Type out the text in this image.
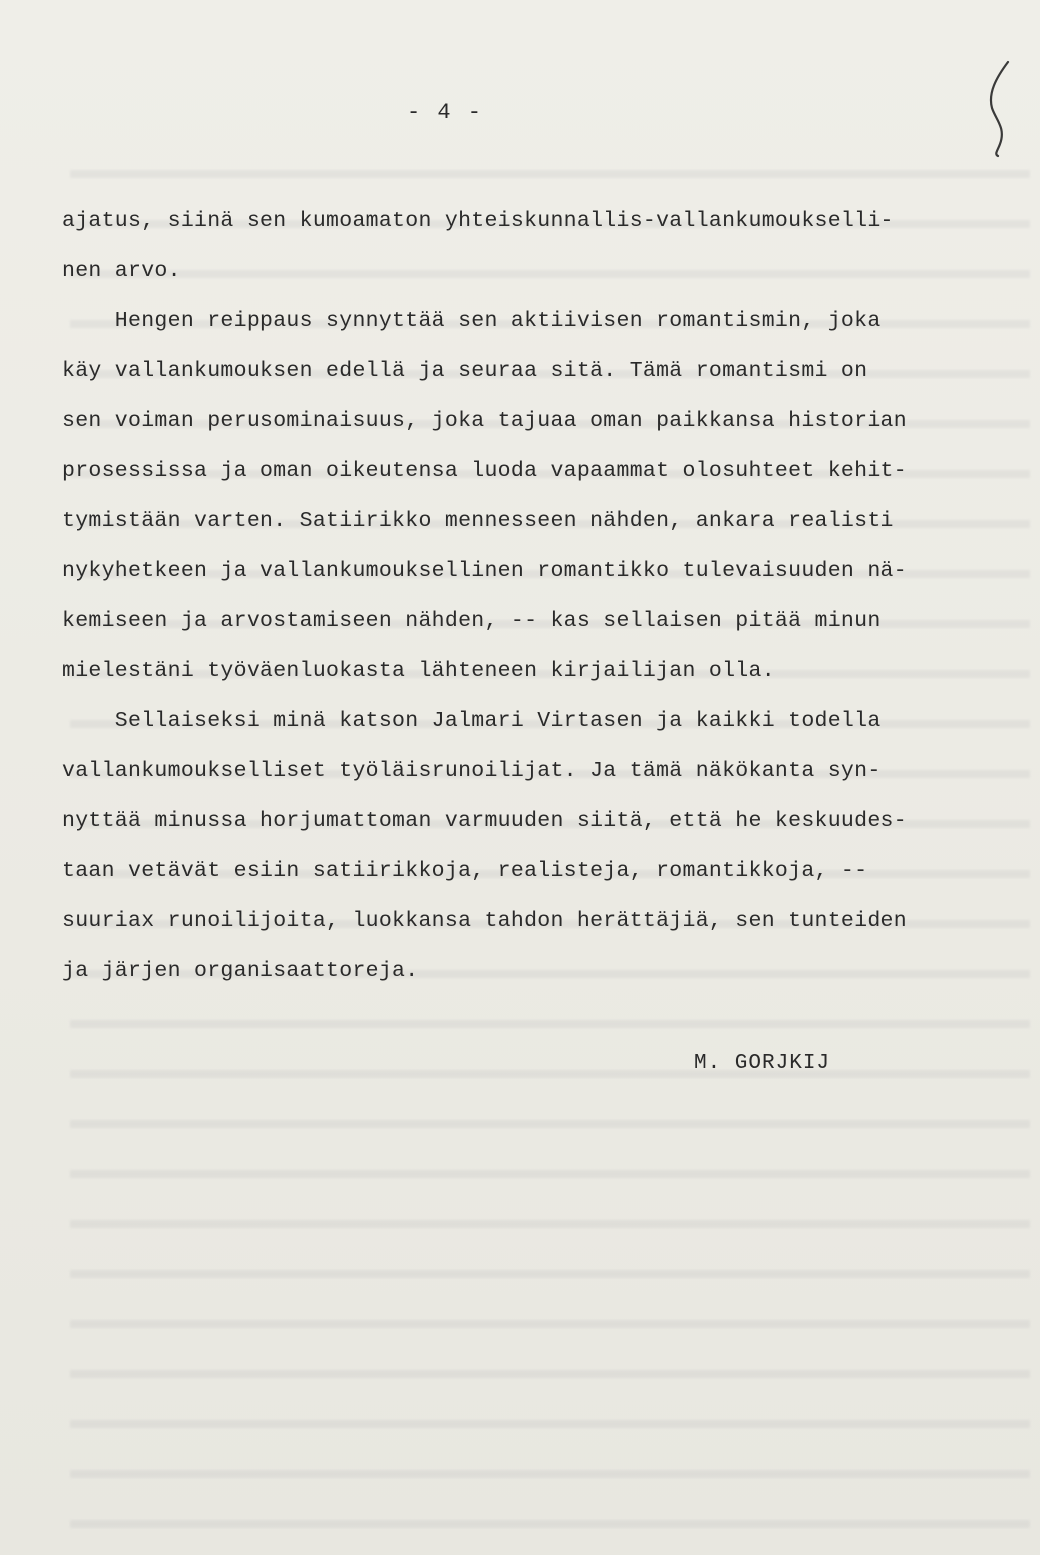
- 4 -
ajatus, siinä sen kumoamaton yhteiskunnallis-vallankumoukselli-
nen arvo.
Hengen reippaus synnyttää sen aktiivisen romantismin, joka
käy vallankumouksen edellä ja seuraa sitä. Tämä romantismi on
sen voiman perusominaisuus, joka tajuaa oman paikkansa historian
prosessissa ja oman oikeutensa luoda vapaammat olosuhteet kehit-
tymistään varten. Satiirikko mennesseen nähden, ankara realisti
nykyhetkeen ja vallankumouksellinen romantikko tulevaisuuden nä-
kemiseen ja arvostamiseen nähden, -- kas sellaisen pitää minun
mielestäni työväenluokasta lähteneen kirjailijan olla.
Sellaiseksi minä katson Jalmari Virtasen ja kaikki todella
vallankumoukselliset työläisrunoilijat. Ja tämä näkökanta syn-
nyttää minussa horjumattoman varmuuden siitä, että he keskuudes-
taan vetävät esiin satiirikkoja, realisteja, romantikkoja, --
suuriax runoilijoita, luokkansa tahdon herättäjiä, sen tunteiden
ja järjen organisaattoreja.
M. GORJKIJ
